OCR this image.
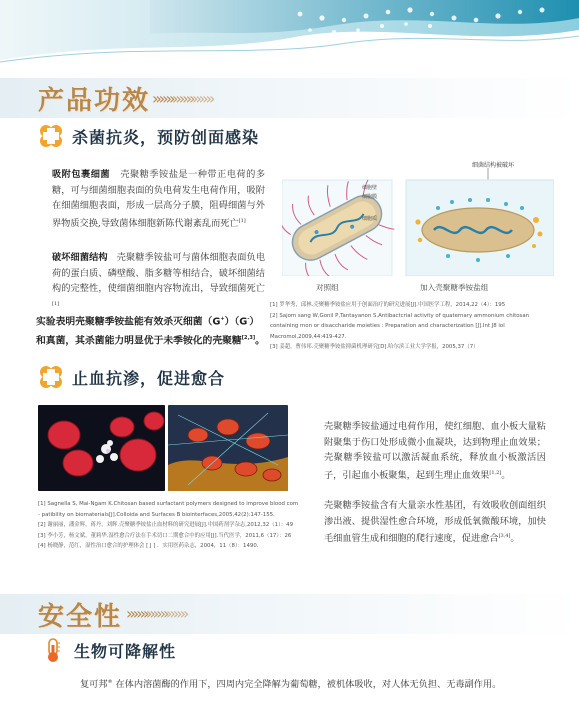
产品功效 »»» »»» »»»
杀菌抗炎，预防创面感染
吸附包裹细菌 壳聚糖季铵盐是一种带正电荷的多糖，可与细菌细胞表面的负电荷发生电荷作用，吸附在细菌细胞表面，形成一层高分子膜，阻碍细菌与外界物质交换,导致菌体细胞新陈代谢紊乱而死亡[1]
破坏细菌结构 壳聚糖季铵盐可与菌体细胞表面负电荷的蛋白质、磷壁酸、脂多糖等相结合，破坏细菌结构的完整性，使细菌细胞内容物流出，导致细菌死亡[1]
实验表明壳聚糖季铵盐能有效杀灭细菌（G+）（G-）和真菌，其杀菌能力明显优于未季铵化的壳聚糖[2,3]。
细菌结构被破坏
细胞壁
细胞膜
细胞质
对照组	加入壳聚糖季铵盐组
[1] 罗华秀，邱林.壳聚糖季铵盐应用于创面治疗的研究进展[J].中国医学工程，2014,22（4）：195
[2] Sajom sang W,Gonil P,Tantayanon S.Antibactcrial activity of quaternary ammonium chitosan
containing mon or disaccharide moieties : Preparation and characterization [J].Int J8 iol
Macromol,2009,44:419-427.
[3] 姜超，曹伟邦.壳聚糖季铵盐抑菌机理研究[D].哈尔滨工业大学学报，2005,37（7）
止血抗渗，促进愈合
壳聚糖季铵盐通过电荷作用，使红细胞、血小板大量粘附聚集于伤口处形成微小血凝块，达到物理止血效果；壳聚糖季铵盐可以激活凝血系统，释放血小板激活因子，引起血小板聚集，起到生理止血效果[1,2]。
壳聚糖季铵盐含有大量亲水性基团，有效吸收创面组织渗出液、提供湿性愈合环境，形成低氧微酸环境，加快毛细血管生成和细胞的爬行速度，促进愈合[3,4]。
[1] Sagnella S, Mai-Ngam K.Chitosan based surfactant polymers designed to improve blood com
- patibility on biomaterials[J].Colloida and Surfaces B biointerfaces,2005,42(2):147-155.
[2] 谢丽丽，潘金辉，蒋丹，刘辉.壳聚糖季铵盐止血材料的研究进展[J].中国药剂学杂志,2012,32（1）：49
[3] 李小芳，杨文斌，董莉华.湿性愈合疗法在手术切口二期愈合中的应用[J].当代医学，2011,6（17）：26
[4] 杨晓静，范红，湿性治口愈合的护理体会 [ J ] ．实用医药杂志，2004，11（8）：1490．
安全性 »»» »»» »»»
生物可降解性
复可邦® 在体内溶菌酶的作用下，四周内完全降解为葡萄糖，被机体吸收，对人体无负担、无毒副作用。
